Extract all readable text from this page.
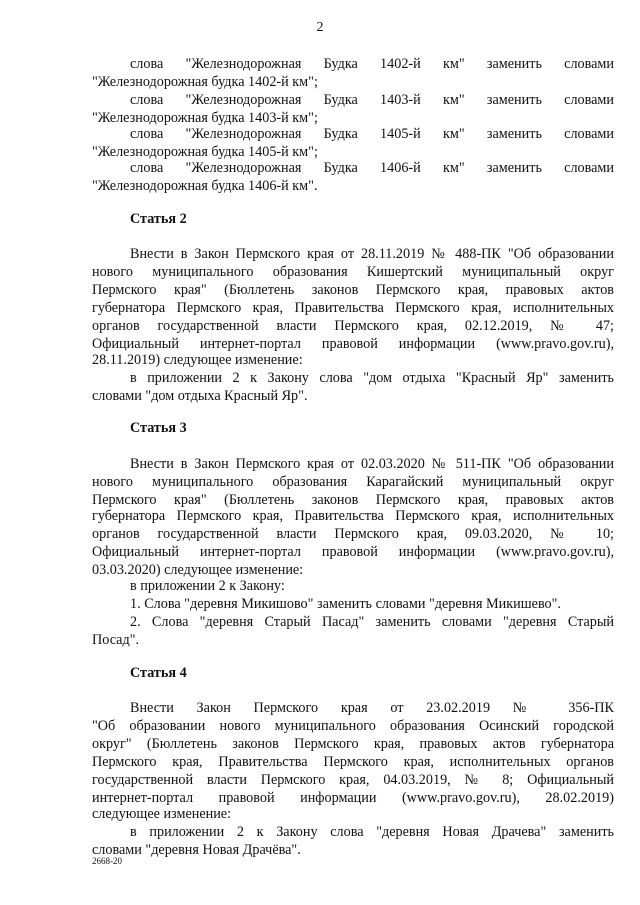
2
слова "Железнодорожная Будка 1402-й км" заменить словами
"Железнодорожная будка 1402-й км";
слова "Железнодорожная Будка 1403-й км" заменить словами
"Железнодорожная будка 1403-й км";
слова "Железнодорожная Будка 1405-й км" заменить словами
"Железнодорожная будка 1405-й км";
слова "Железнодорожная Будка 1406-й км" заменить словами
"Железнодорожная будка 1406-й км".
Статья 2
Внести в Закон Пермского края от 28.11.2019 № 488-ПК "Об образовании
нового муниципального образования Кишертский муниципальный округ
Пермского края" (Бюллетень законов Пермского края, правовых актов
губернатора Пермского края, Правительства Пермского края, исполнительных
органов государственной власти Пермского края, 02.12.2019, № 47;
Официальный интернет-портал правовой информации (www.pravo.gov.ru),
28.11.2019) следующее изменение:
в приложении 2 к Закону слова "дом отдыха "Красный Яр" заменить
словами "дом отдыха Красный Яр".
Статья 3
Внести в Закон Пермского края от 02.03.2020 № 511-ПК "Об образовании
нового муниципального образования Карагайский муниципальный округ
Пермского края" (Бюллетень законов Пермского края, правовых актов
губернатора Пермского края, Правительства Пермского края, исполнительных
органов государственной власти Пермского края, 09.03.2020, № 10;
Официальный интернет-портал правовой информации (www.pravo.gov.ru),
03.03.2020) следующее изменение:
в приложении 2 к Закону:
1. Слова "деревня Микишово" заменить словами "деревня Микишево".
2. Слова "деревня Старый Пасад" заменить словами "деревня Старый
Посад".
Статья 4
Внести Закон Пермского края от 23.02.2019 № 356-ПК
"Об образовании нового муниципального образования Осинский городской
округ" (Бюллетень законов Пермского края, правовых актов губернатора
Пермского края, Правительства Пермского края, исполнительных органов
государственной власти Пермского края, 04.03.2019, № 8; Официальный
интернет-портал правовой информации (www.pravo.gov.ru), 28.02.2019)
следующее изменение:
в приложении 2 к Закону слова "деревня Новая Драчева" заменить
словами "деревня Новая Драчёва".
2668-20
